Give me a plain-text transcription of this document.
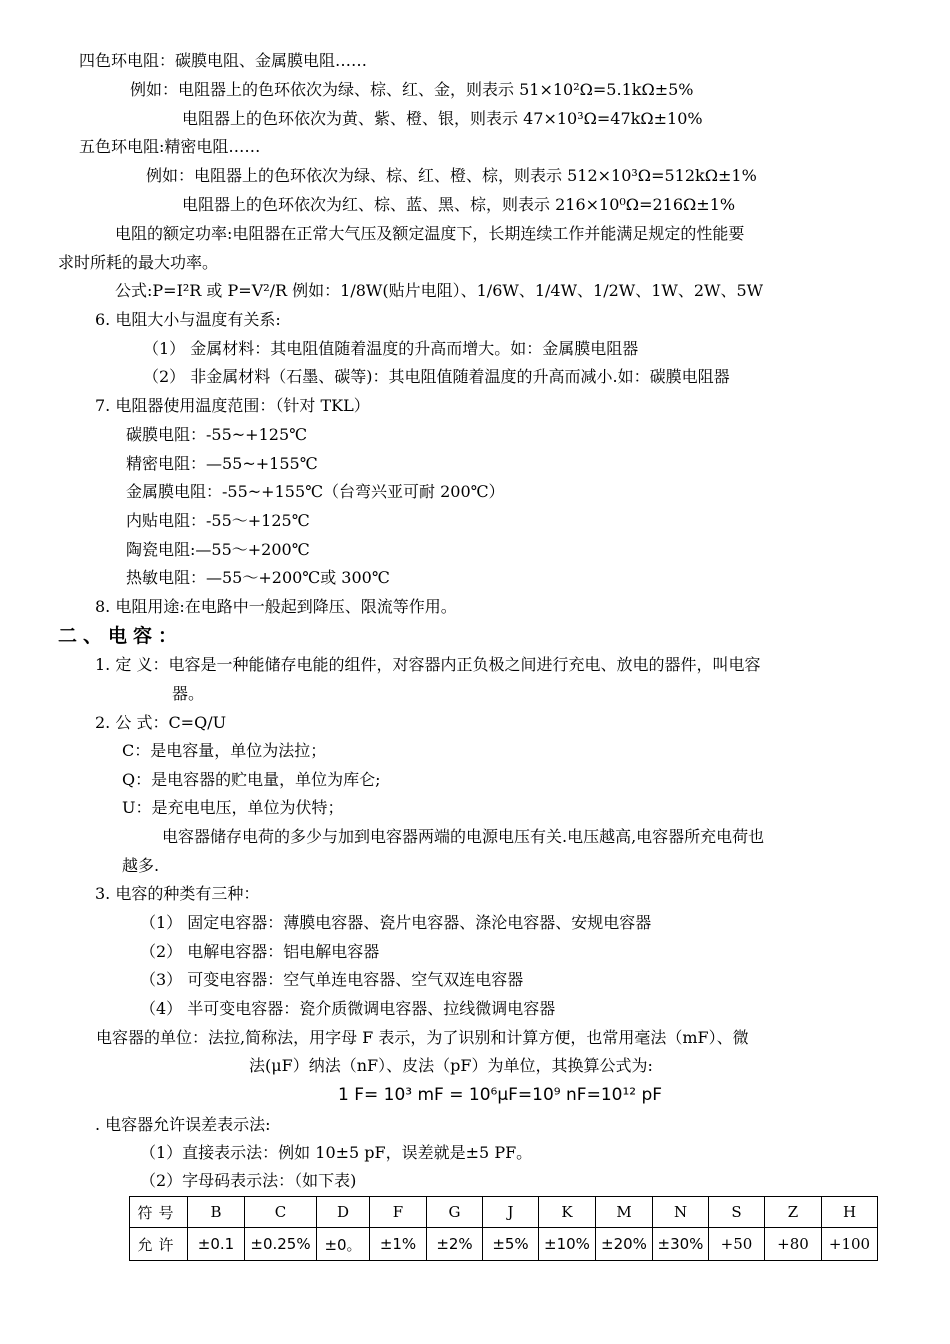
四色环电阻：碳膜电阻、金属膜电阻……
例如：电阻器上的色环依次为绿、棕、红、金，则表示 51×10²Ω=5.1kΩ±5%
电阻器上的色环依次为黄、紫、橙、银，则表示 47×10³Ω=47kΩ±10%
五色环电阻:精密电阻……
例如：电阻器上的色环依次为绿、棕、红、橙、棕，则表示 512×10³Ω=512kΩ±1%
电阻器上的色环依次为红、棕、蓝、黑、棕，则表示 216×10⁰Ω=216Ω±1%
电阻的额定功率:电阻器在正常大气压及额定温度下，长期连续工作并能满足规定的性能要
求时所耗的最大功率。
公式:P=I²R 或 P=V²/R 例如：1/8W(贴片电阻）、1/6W、1/4W、1/2W、1W、2W、5W
6. 电阻大小与温度有关系:
（1） 金属材料：其电阻值随着温度的升高而增大。如：金属膜电阻器
（2） 非金属材料（石墨、碳等)：其电阻值随着温度的升高而减小.如：碳膜电阻器
7. 电阻器使用温度范围：（针对 TKL）
碳膜电阻：-55~+125℃
精密电阻：—55~+155℃
金属膜电阻：-55~+155℃（台弯兴亚可耐 200℃）
内贴电阻：-55～+125℃
陶瓷电阻:—55～+200℃
热敏电阻：—55～+200℃或 300℃
8. 电阻用途:在电路中一般起到降压、限流等作用。
二、电容：
1. 定 义：电容是一种能储存电能的组件，对容器内正负极之间进行充电、放电的器件，叫电容
器。
2. 公 式：C=Q/U
C：是电容量，单位为法拉；
Q：是电容器的贮电量，单位为库仑;
U：是充电电压，单位为伏特；
电容器储存电荷的多少与加到电容器两端的电源电压有关.电压越高,电容器所充电荷也
越多.
3. 电容的种类有三种：
（1） 固定电容器：薄膜电容器、瓷片电容器、涤沦电容器、安规电容器
（2） 电解电容器：铝电解电容器
（3） 可变电容器：空气单连电容器、空气双连电容器
（4） 半可变电容器：瓷介质微调电容器、拉线微调电容器
电容器的单位：法拉,简称法，用字母 F 表示，为了识别和计算方便，也常用毫法（mF）、微
法(μF）纳法（nF）、皮法（pF）为单位，其换算公式为:
1 F= 10³ mF = 10⁶μF=10⁹ nF=10¹² pF
. 电容器允许误差表示法:
（1）直接表示法：例如 10±5 pF，误差就是±5 PF。
（2）字母码表示法：（如下表)
符号	B	C	D	F	G	J	K	M	N	S	Z	H
允许	±0.1	±0.25%	±0。	±1%	±2%	±5%	±10%	±20%	±30%	+50	+80	+100
